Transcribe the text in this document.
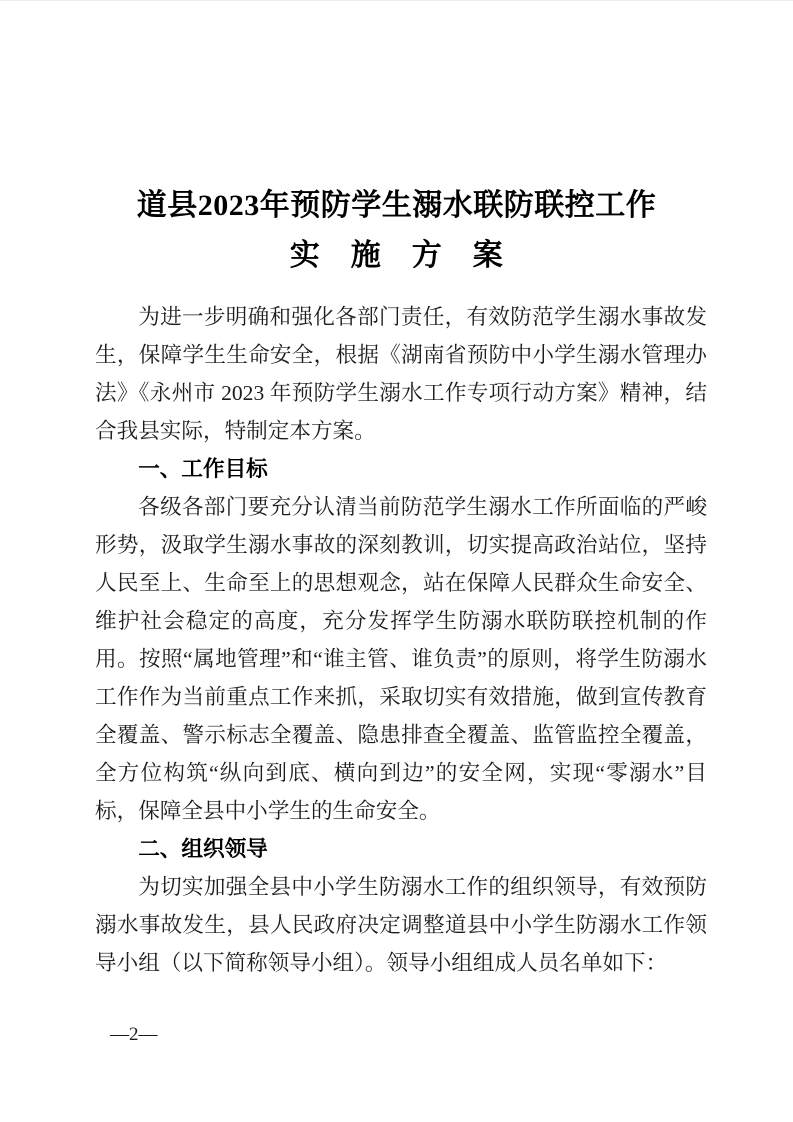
道县2023年预防学生溺水联防联控工作
实　施　方　案

为进一步明确和强化各部门责任，有效防范学生溺水事故发生，保障学生生命安全，根据《湖南省预防中小学生溺水管理办法》《永州市 2023 年预防学生溺水工作专项行动方案》精神，结合我县实际，特制定本方案。

一、工作目标

各级各部门要充分认清当前防范学生溺水工作所面临的严峻形势，汲取学生溺水事故的深刻教训，切实提高政治站位，坚持人民至上、生命至上的思想观念，站在保障人民群众生命安全、维护社会稳定的高度，充分发挥学生防溺水联防联控机制的作用。按照“属地管理”和“谁主管、谁负责”的原则，将学生防溺水工作作为当前重点工作来抓，采取切实有效措施，做到宣传教育全覆盖、警示标志全覆盖、隐患排查全覆盖、监管监控全覆盖，全方位构筑“纵向到底、横向到边”的安全网，实现“零溺水”目标，保障全县中小学生的生命安全。

二、组织领导

为切实加强全县中小学生防溺水工作的组织领导，有效预防溺水事故发生，县人民政府决定调整道县中小学生防溺水工作领导小组（以下简称领导小组）。领导小组组成人员名单如下：

—2—
